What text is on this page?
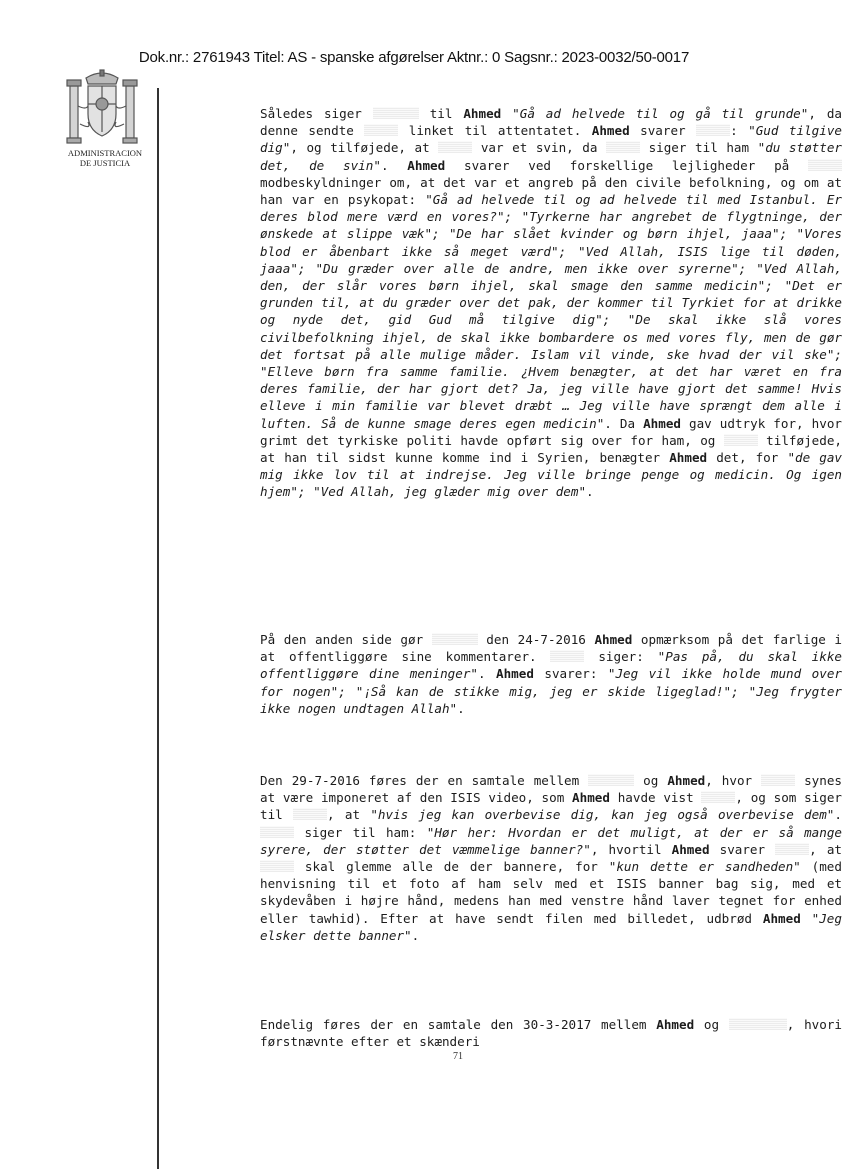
Dok.nr.: 2761943 Titel: AS - spanske afgørelser Aktnr.: 0 Sagsnr.: 2023-0032/50-0017
ADMINISTRACION
DE JUSTICIA
Således siger	til Ahmed "Gå ad helvede til og gå til grunde", da denne sendte	linket til attentatet. Ahmed svarer	: "Gud tilgive dig", og tilføjede, at	var et svin, da	siger til ham "du støtter det, de svin". Ahmed svarer ved forskellige lejligheder på  modbeskyldninger om, at det var et angreb på den civile befolkning, og om at han var en psykopat: "Gå ad helvede til og ad helvede til med Istanbul. Er deres blod mere værd en vores?"; "Tyrkerne har angrebet de flygtninge, der ønskede at slippe væk"; "De har slået kvinder og børn ihjel, jaaa"; "Vores blod er åbenbart ikke så meget værd"; "Ved Allah, ISIS lige til døden, jaaa"; "Du græder over alle de andre, men ikke over syrerne"; "Ved Allah, den, der slår vores børn ihjel, skal smage den samme medicin"; "Det er grunden til, at du græder over det pak, der kommer til Tyrkiet for at drikke og nyde det, gid Gud må tilgive dig"; "De skal ikke slå vores civilbefolkning ihjel, de skal ikke bombardere os med vores fly, men de gør det fortsat på alle mulige måder. Islam vil vinde, ske hvad der vil ske"; "Elleve børn fra samme familie. ¿Hvem benægter, at det har været en fra deres familie, der har gjort det? Ja, jeg ville have gjort det samme! Hvis elleve i min familie var blevet dræbt … Jeg ville have sprængt dem alle i luften. Så de kunne smage deres egen medicin". Da Ahmed gav udtryk for, hvor grimt det tyrkiske politi havde opført sig over for ham, og	tilføjede, at han til sidst kunne komme ind i Syrien, benægter Ahmed det, for "de gav mig ikke lov til at indrejse. Jeg ville bringe penge og medicin. Og igen hjem"; "Ved Allah, jeg glæder mig over dem".
På den anden side gør	den 24-7-2016 Ahmed opmærksom på det farlige i at offentliggøre sine kommentarer.	siger: "Pas på, du skal ikke offentliggøre dine meninger". Ahmed svarer: "Jeg vil ikke holde mund over for nogen"; "¡Så kan de stikke mig, jeg er skide ligeglad!"; "Jeg frygter ikke nogen undtagen Allah".
Den 29-7-2016 føres der en samtale mellem	og Ahmed, hvor	synes at være imponeret af den ISIS video, som Ahmed havde vist	, og som siger til	, at "hvis jeg kan overbevise dig, kan jeg også overbevise dem".  siger til ham: "Hør her: Hvordan er det muligt, at der er så mange syrere, der støtter det væmmelige banner?", hvortil Ahmed svarer	, at  skal glemme alle de der bannere, for "kun dette er sandheden" (med henvisning til et foto af ham selv med et ISIS banner bag sig, med et skydevåben i højre hånd, medens han med venstre hånd laver tegnet for enhed eller tawhid). Efter at have sendt filen med billedet, udbrød Ahmed "Jeg elsker dette banner".
Endelig føres der en samtale den 30-3-2017 mellem Ahmed og	, hvori førstnævnte efter et skænderi
71
